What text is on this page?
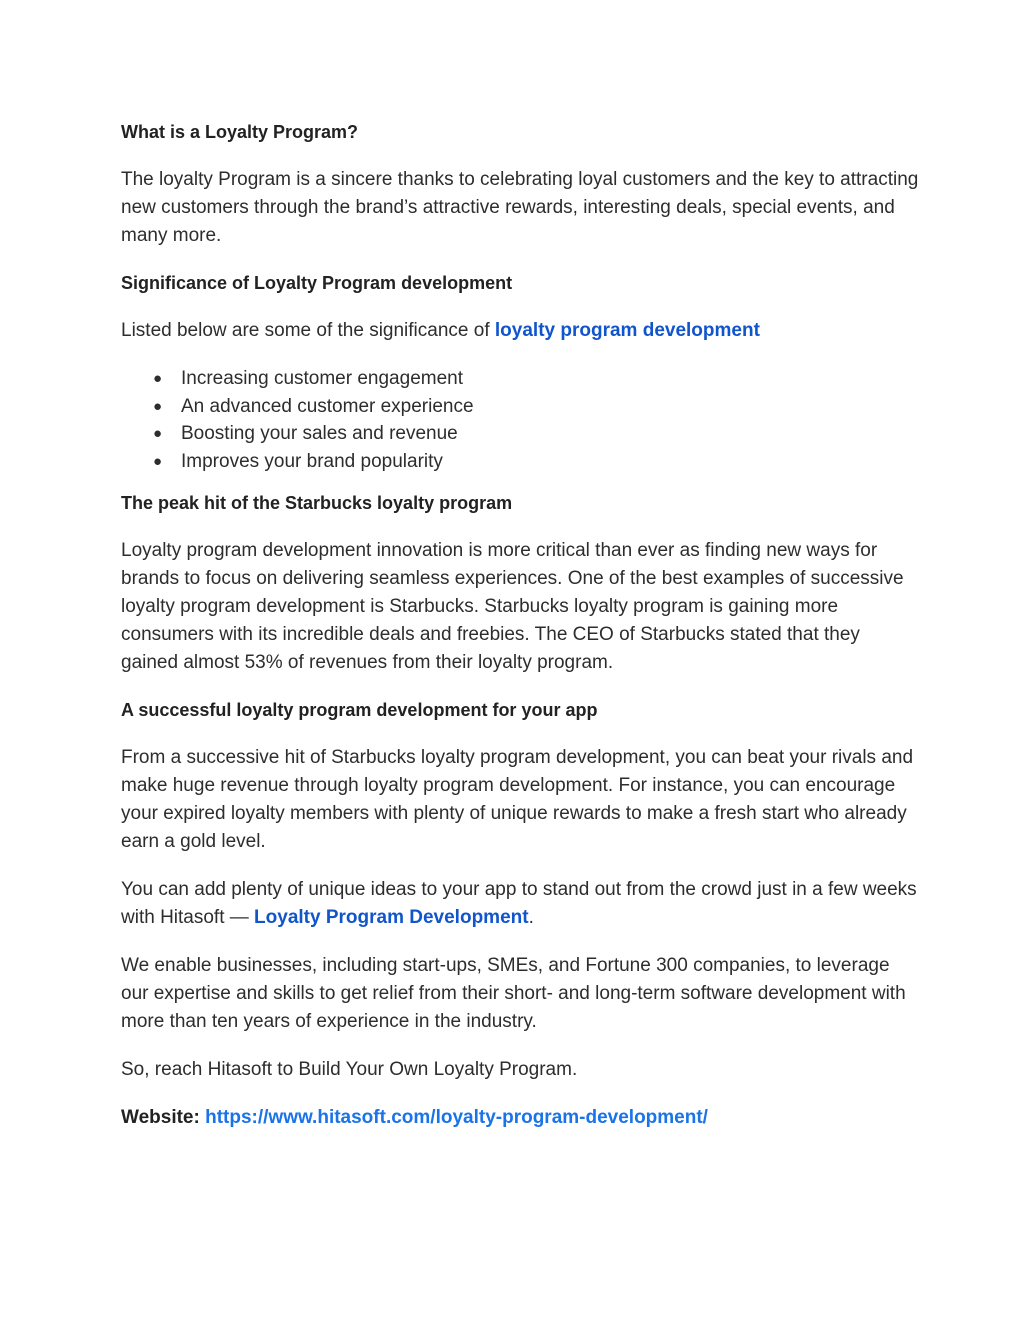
What is a Loyalty Program?

The loyalty Program is a sincere thanks to celebrating loyal customers and the key to attracting new customers through the brand’s attractive rewards, interesting deals, special events, and many more.

Significance of Loyalty Program development

Listed below are some of the significance of loyalty program development

● Increasing customer engagement
● An advanced customer experience
● Boosting your sales and revenue
● Improves your brand popularity
The peak hit of the Starbucks loyalty program

Loyalty program development innovation is more critical than ever as finding new ways for brands to focus on delivering seamless experiences. One of the best examples of successive loyalty program development is Starbucks. Starbucks loyalty program is gaining more consumers with its incredible deals and freebies. The CEO of Starbucks stated that they gained almost 53% of revenues from their loyalty program.

A successful loyalty program development for your app

From a successive hit of Starbucks loyalty program development, you can beat your rivals and make huge revenue through loyalty program development. For instance, you can encourage your expired loyalty members with plenty of unique rewards to make a fresh start who already earn a gold level.

You can add plenty of unique ideas to your app to stand out from the crowd just in a few weeks with Hitasoft — Loyalty Program Development.

We enable businesses, including start-ups, SMEs, and Fortune 300 companies, to leverage our expertise and skills to get relief from their short- and long-term software development with more than ten years of experience in the industry.

So, reach Hitasoft to Build Your Own Loyalty Program.

Website: https://www.hitasoft.com/loyalty-program-development/
